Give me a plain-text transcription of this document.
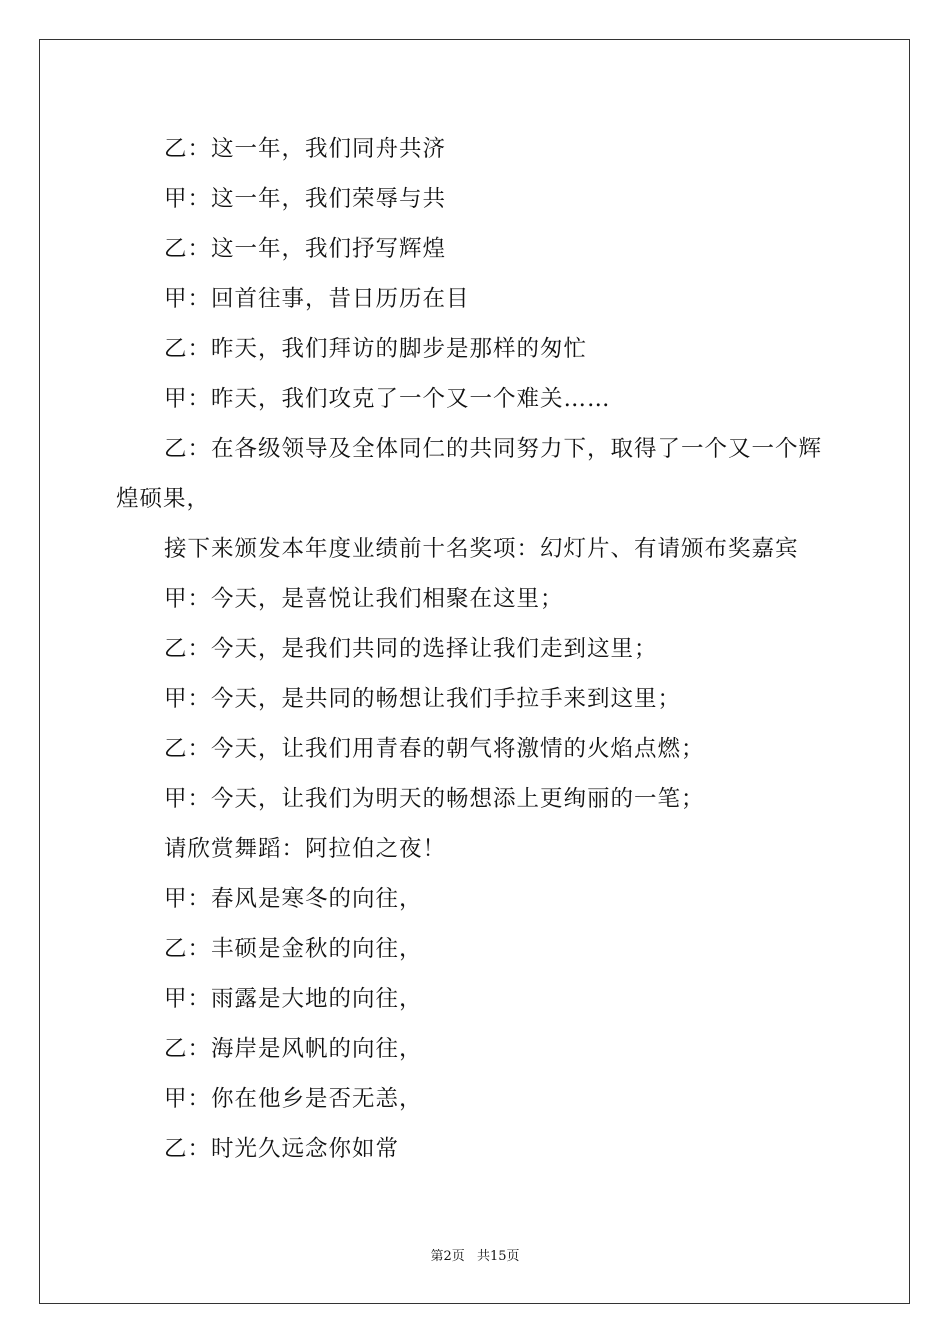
乙：这一年，我们同舟共济
甲：这一年，我们荣辱与共
乙：这一年，我们抒写辉煌
甲：回首往事，昔日历历在目
乙：昨天，我们拜访的脚步是那样的匆忙
甲：昨天，我们攻克了一个又一个难关……
乙：在各级领导及全体同仁的共同努力下，取得了一个又一个辉
煌硕果，
接下来颁发本年度业绩前十名奖项：幻灯片、有请颁布奖嘉宾
甲：今天，是喜悦让我们相聚在这里；
乙：今天，是我们共同的选择让我们走到这里；
甲：今天，是共同的畅想让我们手拉手来到这里；
乙：今天，让我们用青春的朝气将激情的火焰点燃；
甲：今天，让我们为明天的畅想添上更绚丽的一笔；
请欣赏舞蹈：阿拉伯之夜！
甲：春风是寒冬的向往，
乙：丰硕是金秋的向往，
甲：雨露是大地的向往，
乙：海岸是风帆的向往，
甲：你在他乡是否无恙，
乙：时光久远念你如常
第2页 共15页
